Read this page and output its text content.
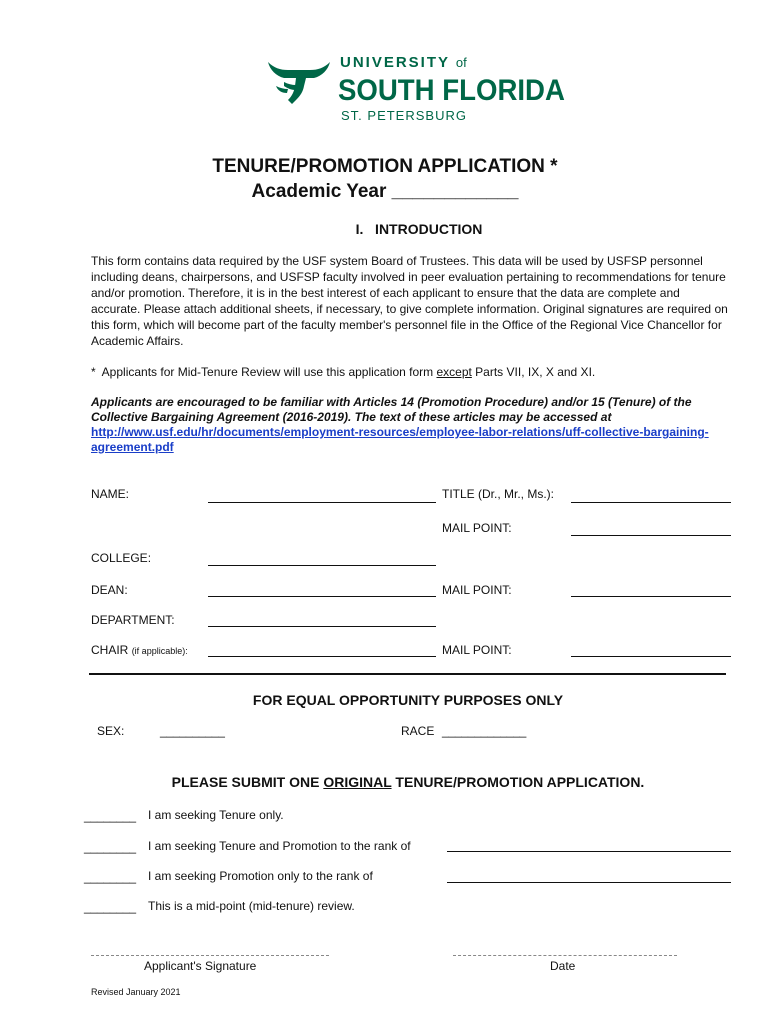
UNIVERSITY of
SOUTH FLORIDA
ST. PETERSBURG
TENURE/PROMOTION APPLICATION *
Academic Year ____________
I.   INTRODUCTION
This form contains data required by the USF system Board of Trustees. This data will be used by USFSP personnel including deans, chairpersons, and USFSP faculty involved in peer evaluation pertaining to recommendations for tenure and/or promotion. Therefore, it is in the best interest of each applicant to ensure that the data are complete and accurate. Please attach additional sheets, if necessary, to give complete information. Original signatures are required on this form, which will become part of the faculty member's personnel file in the Office of the Regional Vice Chancellor for Academic Affairs.
*  Applicants for Mid-Tenure Review will use this application form except Parts VII, IX, X and XI.
Applicants are encouraged to be familiar with Articles 14 (Promotion Procedure) and/or 15 (Tenure) of the Collective Bargaining Agreement (2016-2019). The text of these articles may be accessed at
http://www.usf.edu/hr/documents/employment-resources/employee-labor-relations/uff-collective-bargaining-agreement.pdf
NAME:	TITLE (Dr., Mr., Ms.):
MAIL POINT:
COLLEGE:
DEAN:	MAIL POINT:
DEPARTMENT:
CHAIR (if applicable):	MAIL POINT:
FOR EQUAL OPPORTUNITY PURPOSES ONLY
SEX:	__________	RACE _____________
PLEASE SUBMIT ONE ORIGINAL TENURE/PROMOTION APPLICATION.
________ I am seeking Tenure only.
________ I am seeking Tenure and Promotion to the rank of
________ I am seeking Promotion only to the rank of
________ This is a mid-point (mid-tenure) review.
Applicant's Signature	Date
Revised January 2021
